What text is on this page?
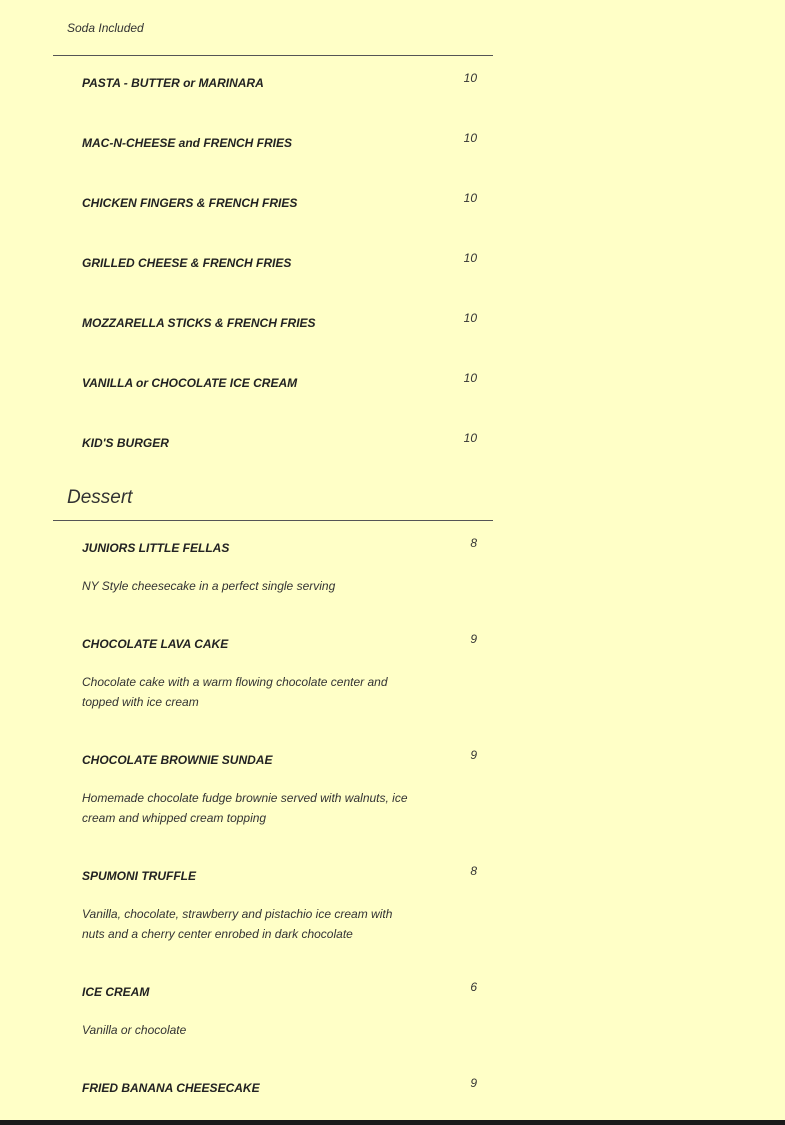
Soda Included
PASTA - BUTTER or MARINARA	10
MAC-N-CHEESE and FRENCH FRIES	10
CHICKEN FINGERS & FRENCH FRIES	10
GRILLED CHEESE & FRENCH FRIES	10
MOZZARELLA STICKS & FRENCH FRIES	10
VANILLA or CHOCOLATE ICE CREAM	10
KID'S BURGER	10
Dessert
JUNIORS LITTLE FELLAS	8
NY Style cheesecake in a perfect single serving
CHOCOLATE LAVA CAKE	9
Chocolate cake with a warm flowing chocolate center and topped with ice cream
CHOCOLATE BROWNIE SUNDAE	9
Homemade chocolate fudge brownie served with walnuts, ice cream and whipped cream topping
SPUMONI TRUFFLE	8
Vanilla, chocolate, strawberry and pistachio ice cream with nuts and a cherry center enrobed in dark chocolate
ICE CREAM	6
Vanilla or chocolate
FRIED BANANA CHEESECAKE	9
